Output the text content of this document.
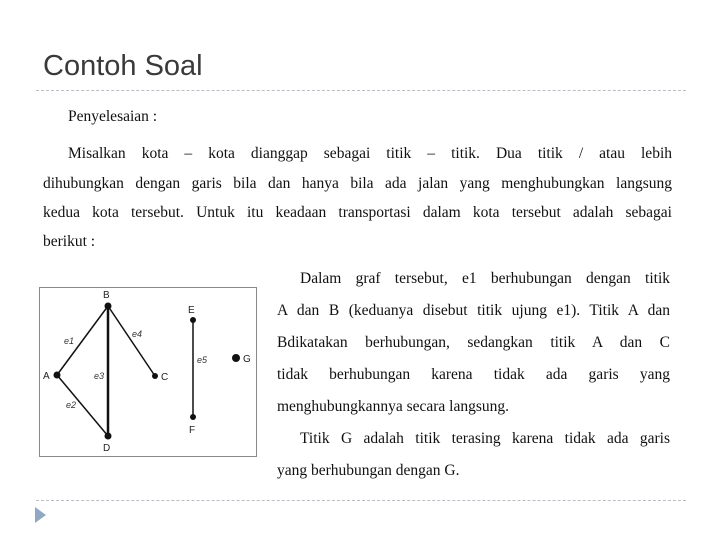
Contoh Soal
Penyelesaian :
Misalkan kota – kota dianggap sebagai titik – titik. Dua titik / atau lebih
dihubungkan dengan garis bila dan hanya bila ada jalan yang menghubungkan langsung
kedua kota tersebut. Untuk itu keadaan transportasi dalam kota tersebut adalah sebagai
berikut :
Dalam graf tersebut, e1 berhubungan dengan titik
A dan B (keduanya disebut titik ujung e1). Titik A dan
Bdikatakan berhubungan, sedangkan titik A dan C
tidak berhubungan karena tidak ada garis yang
menghubungkannya secara langsung.
Titik G adalah titik terasing karena tidak ada garis
yang berhubungan dengan G.
e1
e2
e3
e4
e5
A
B
C
D
E
F
G
